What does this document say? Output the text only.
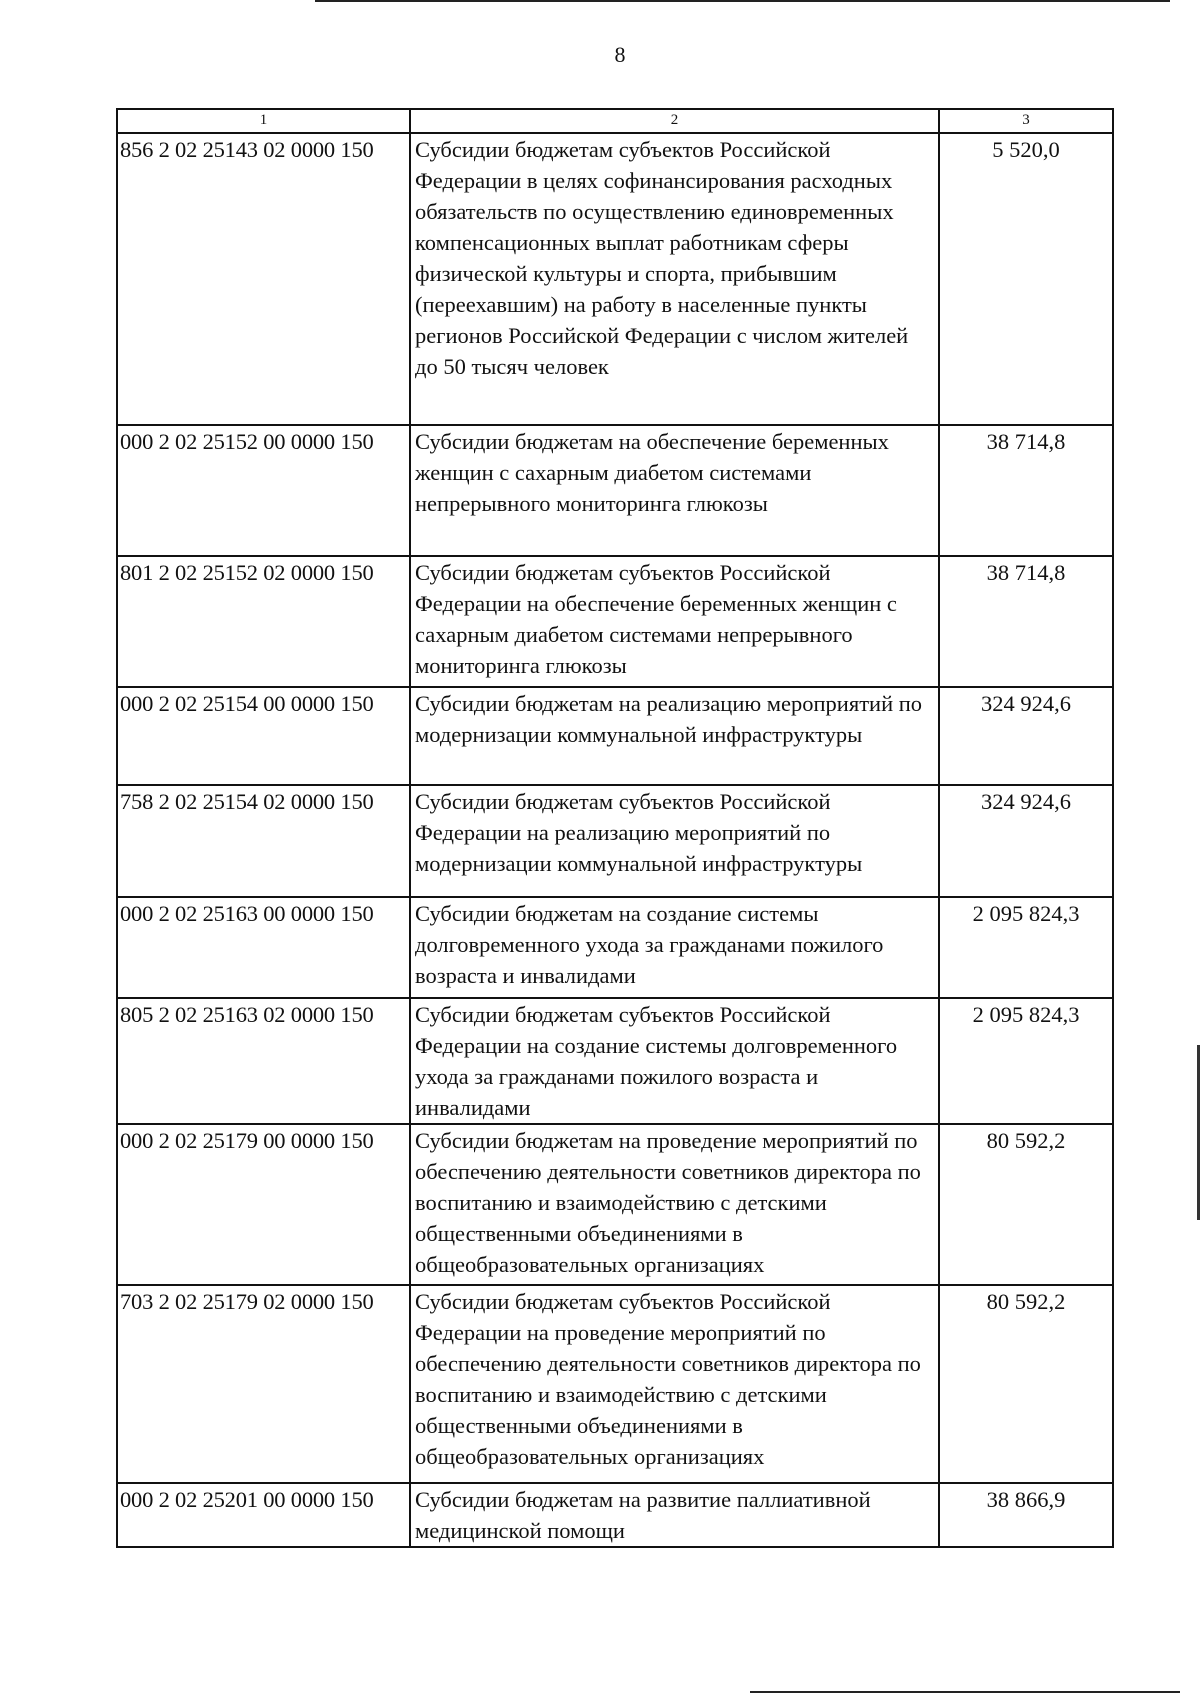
8
1	2	3
856 2 02 25143 02 0000 150	Субсидии бюджетам субъектов Российской Федерации в целях софинансирования расходных обязательств по осуществлению единовременных компенсационных выплат работникам сферы физической культуры и спорта, прибывшим (переехавшим) на работу в населенные пункты регионов Российской Федерации с числом жителей до 50 тысяч человек	5 520,0
000 2 02 25152 00 0000 150	Субсидии бюджетам на обеспечение беременных женщин с сахарным диабетом системами непрерывного мониторинга глюкозы	38 714,8
801 2 02 25152 02 0000 150	Субсидии бюджетам субъектов Российской Федерации на обеспечение беременных женщин с сахарным диабетом системами непрерывного мониторинга глюкозы	38 714,8
000 2 02 25154 00 0000 150	Субсидии бюджетам на реализацию мероприятий по модернизации коммунальной инфраструктуры	324 924,6
758 2 02 25154 02 0000 150	Субсидии бюджетам субъектов Российской Федерации на реализацию мероприятий по модернизации коммунальной инфраструктуры	324 924,6
000 2 02 25163 00 0000 150	Субсидии бюджетам на создание системы долговременного ухода за гражданами пожилого возраста и инвалидами	2 095 824,3
805 2 02 25163 02 0000 150	Субсидии бюджетам субъектов Российской Федерации на создание системы долговременного ухода за гражданами пожилого возраста и инвалидами	2 095 824,3
000 2 02 25179 00 0000 150	Субсидии бюджетам на проведение мероприятий по обеспечению деятельности советников директора по воспитанию и взаимодействию с детскими общественными объединениями в общеобразовательных организациях	80 592,2
703 2 02 25179 02 0000 150	Субсидии бюджетам субъектов Российской Федерации на проведение мероприятий по обеспечению деятельности советников директора по воспитанию и взаимодействию с детскими общественными объединениями в общеобразовательных организациях	80 592,2
000 2 02 25201 00 0000 150	Субсидии бюджетам на развитие паллиативной медицинской помощи	38 866,9
